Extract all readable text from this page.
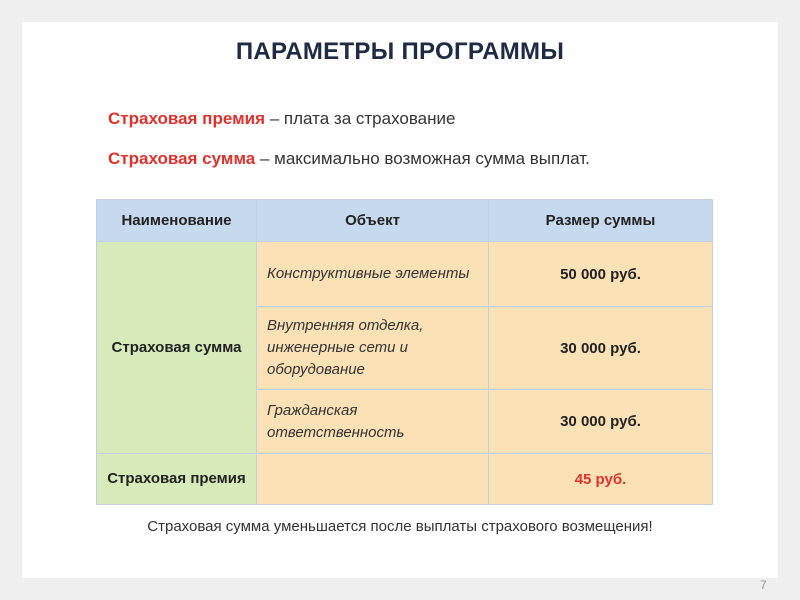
ПАРАМЕТРЫ ПРОГРАММЫ
Страховая премия – плата за страхование
Страховая сумма – максимально возможная сумма выплат.
Наименование	Объект	Размер суммы
Страховая сумма	Конструктивные элементы	50 000 руб.
	Внутренняя отделка, инженерные сети и оборудование	30 000 руб.
	Гражданская ответственность	30 000 руб.
Страховая премия		45 руб.
Страховая сумма уменьшается после выплаты страхового возмещения!
7
